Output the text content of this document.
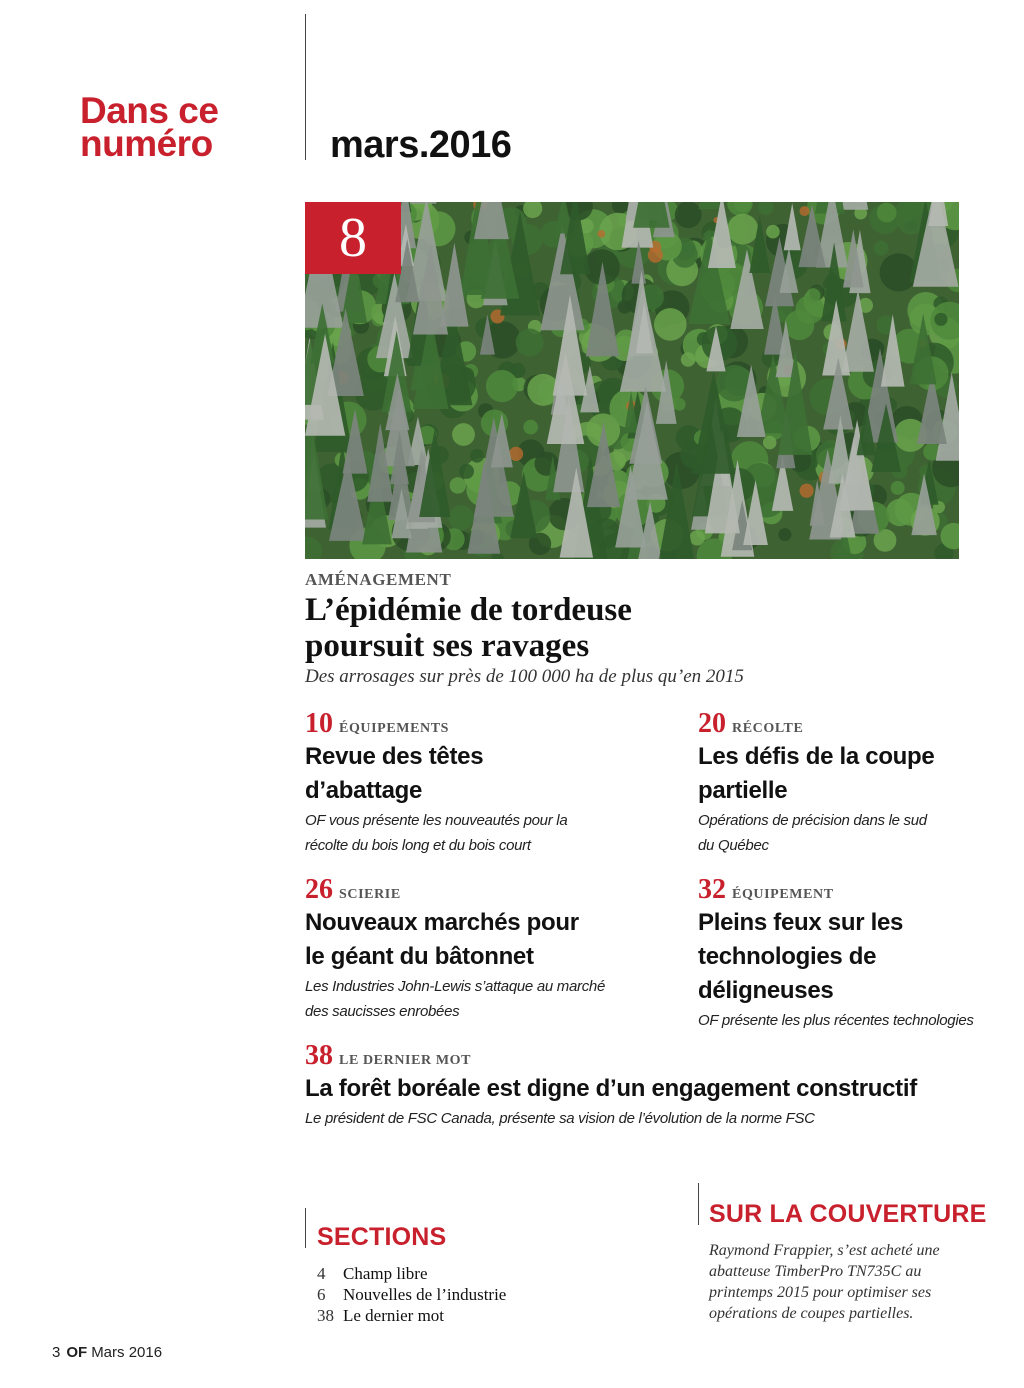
Dans ce
numéro	mars.2016
8
AMÉNAGEMENT
L’épidémie de tordeuse
poursuit ses ravages
Des arrosages sur près de 100 000 ha de plus qu’en 2015
10 ÉQUIPEMENTS
Revue des têtes
d’abattage
OF vous présente les nouveautés pour la
récolte du bois long et du bois court
20 RÉCOLTE
Les défis de la coupe
partielle
Opérations de précision dans le sud
du Québec
26 SCIERIE
Nouveaux marchés pour
le géant du bâtonnet
Les Industries John-Lewis s’attaque au marché
des saucisses enrobées
32 ÉQUIPEMENT
Pleins feux sur les
technologies de
déligneuses
OF présente les plus récentes technologies
38 LE DERNIER MOT
La forêt boréale est digne d’un engagement constructif
Le président de FSC Canada, présente sa vision de l’évolution de la norme FSC
SECTIONS
4 Champ libre
6 Nouvelles de l’industrie
38 Le dernier mot
SUR LA COUVERTURE
Raymond Frappier, s’est acheté une
abatteuse TimberPro TN735C au
printemps 2015 pour optimiser ses
opérations de coupes partielles.
3 OF Mars 2016
